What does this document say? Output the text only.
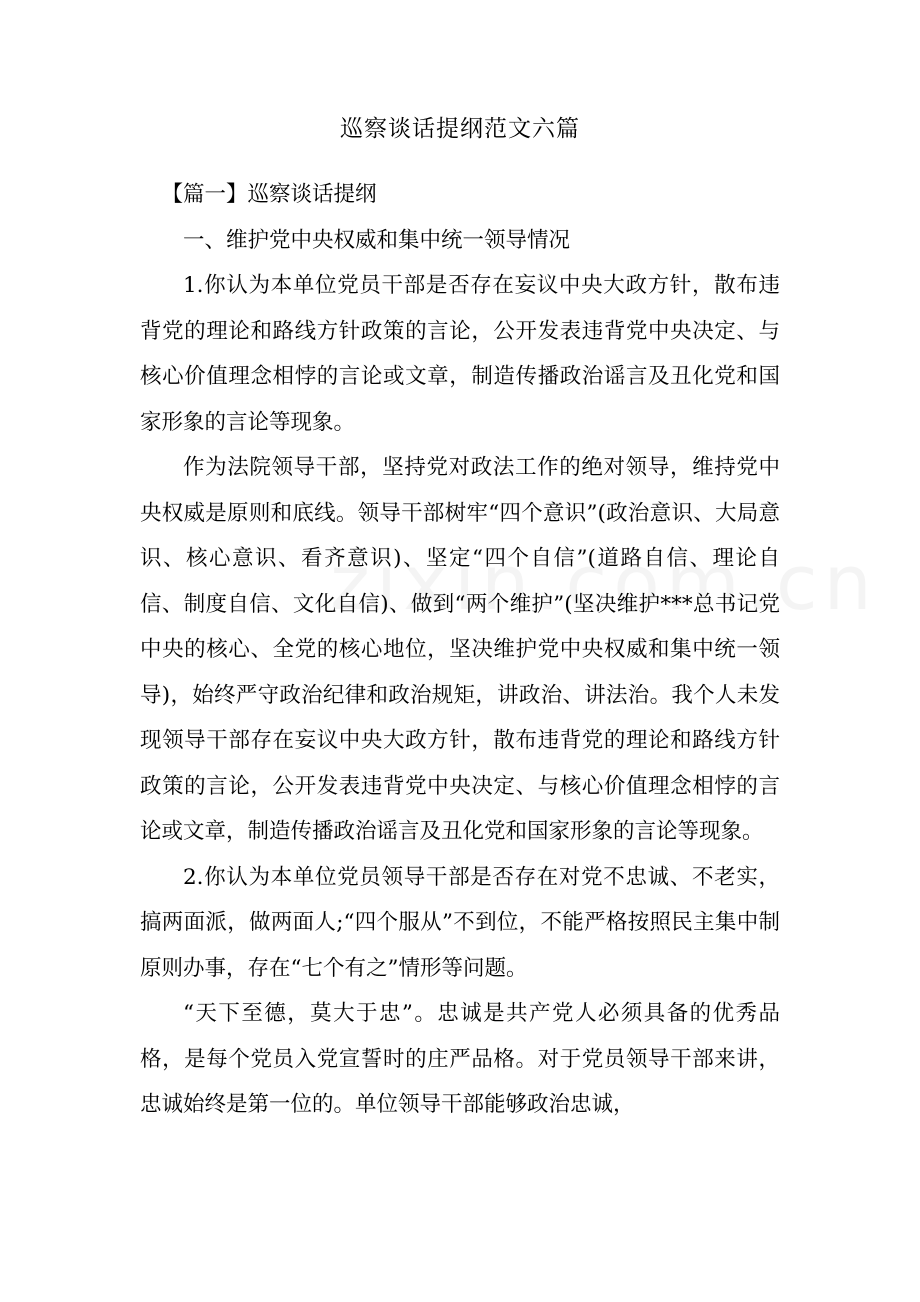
巡察谈话提纲范文六篇

【篇一】巡察谈话提纲

一、维护党中央权威和集中统一领导情况

1.你认为本单位党员干部是否存在妄议中央大政方针，散布违背党的理论和路线方针政策的言论，公开发表违背党中央决定、与核心价值理念相悖的言论或文章，制造传播政治谣言及丑化党和国家形象的言论等现象。

作为法院领导干部，坚持党对政法工作的绝对领导，维持党中央权威是原则和底线。领导干部树牢“四个意识”(政治意识、大局意识、核心意识、看齐意识)、坚定“四个自信”(道路自信、理论自信、制度自信、文化自信)、做到“两个维护”(坚决维护***总书记党中央的核心、全党的核心地位，坚决维护党中央权威和集中统一领导)，始终严守政治纪律和政治规矩，讲政治、讲法治。我个人未发现领导干部存在妄议中央大政方针，散布违背党的理论和路线方针政策的言论，公开发表违背党中央决定、与核心价值理念相悖的言论或文章，制造传播政治谣言及丑化党和国家形象的言论等现象。

2.你认为本单位党员领导干部是否存在对党不忠诚、不老实，搞两面派，做两面人;“四个服从”不到位，不能严格按照民主集中制原则办事，存在“七个有之”情形等问题。

“天下至德，莫大于忠”。忠诚是共产党人必须具备的优秀品格，是每个党员入党宣誓时的庄严品格。对于党员领导干部来讲，忠诚始终是第一位的。单位领导干部能够政治忠诚，
